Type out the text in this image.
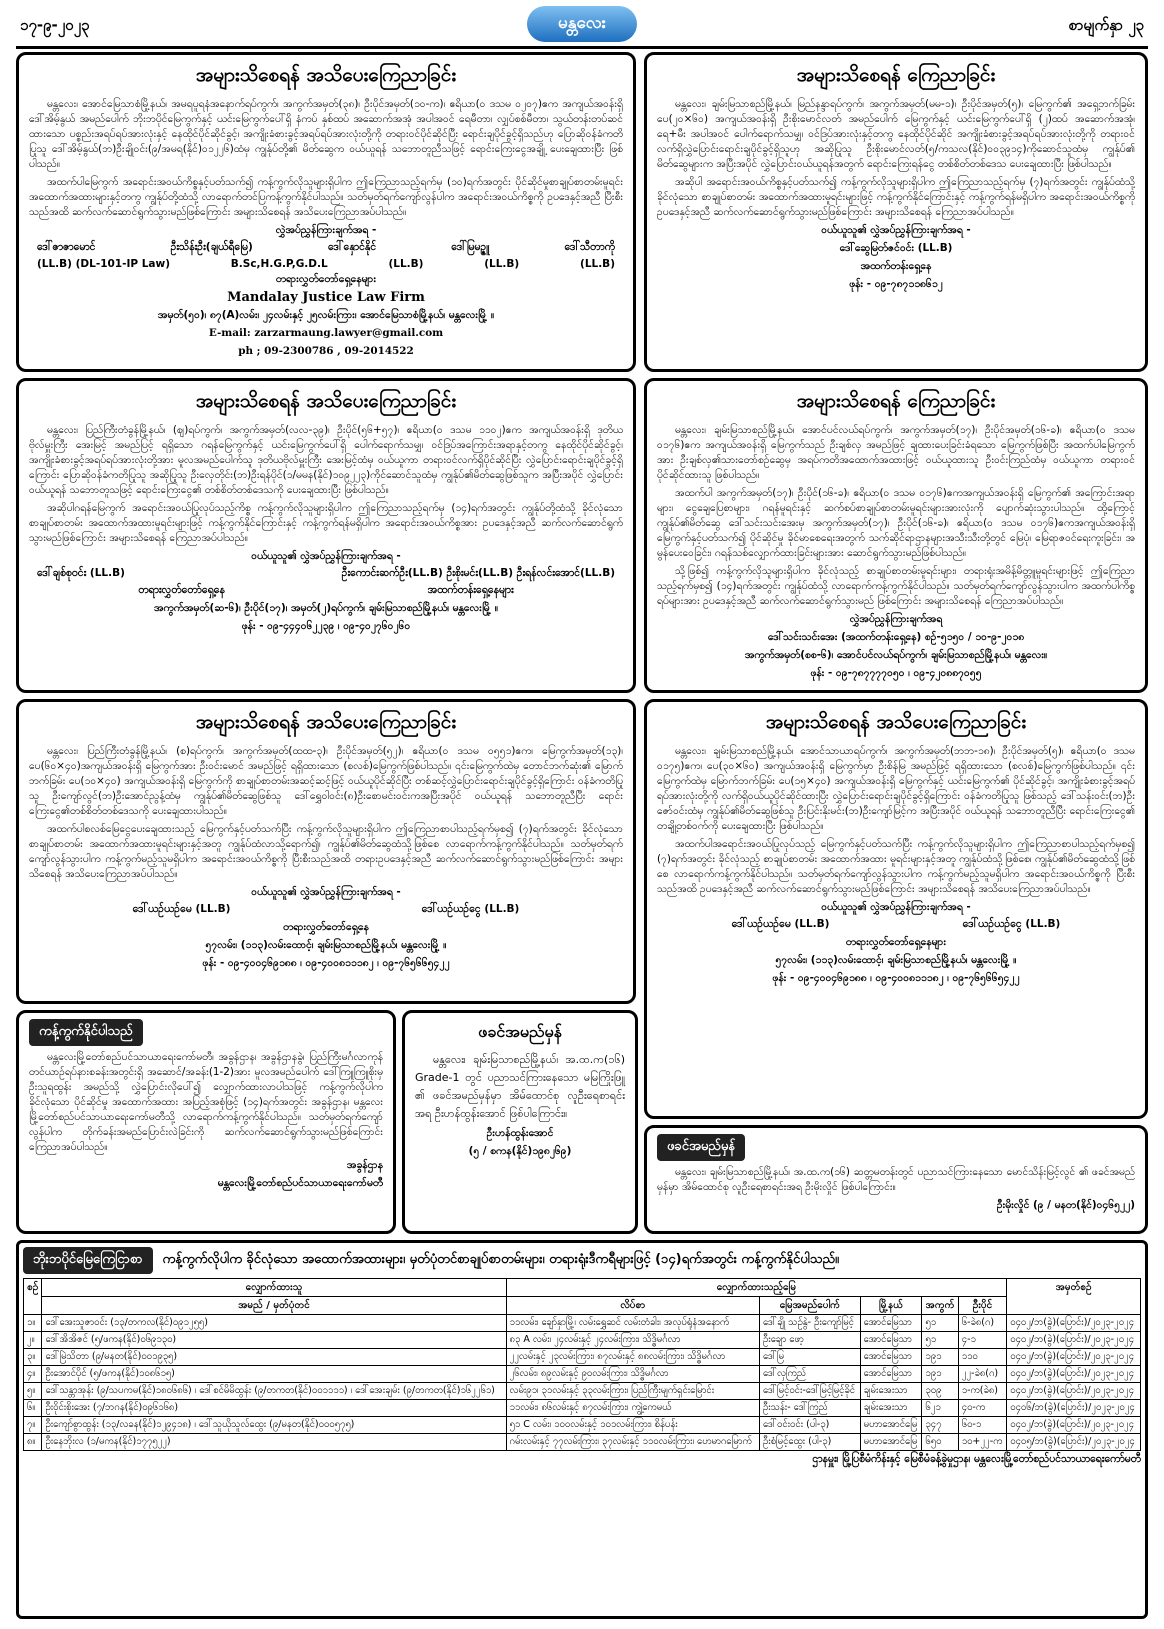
၁၇-၉-၂၀၂၃	မန္တလေး	စာမျက်နှာ ၂၃
အများသိစေရန် အသိပေးကြေညာခြင်း

မန္တလေး၊ အောင်မြေသာစံမြို့နယ်၊ အမရပူရနံအနောက်ရပ်ကွက်၊ အကွက်အမှတ်(၃၈)၊ ဦးပိုင်အမှတ်(၁၀-က)၊ ဧရိယာ(၀ ဒသမ ၀၂၀၇)ဧက အကျယ်အဝန်းရှိ ဒေါ်အိမ့်နွယ် အမည်ပေါက် ဘိုးဘပိုင်မြေကွက်နှင့် ယင်းမြေကွက်ပေါ်ရှိ နံကပ် နှစ်ထပ် အဆောက်အအုံ အပါအဝင် ရေမီတာ၊ လျှပ်စစ်မီတာ၊ သွယ်တန်းတပ်ဆင်ထားသော ပစ္စည်းအရပ်ရပ်အားလုံးနှင့် နေထိုင်ပိုင်ဆိုင်ခွင့်၊ အကျိုးခံစားခွင့်အရပ်ရပ်အားလုံးတို့ကို တရားဝင်ပိုင်ဆိုင်ပြီး ရောင်းချပိုင်ခွင့်ရှိသည်ဟု ပြောဆိုဝန်ခံကတိပြုသူ ဒေါ်အိမ့်နွယ်(ဘ)ဦးချိုဝင်း(၉/အမရ(နိုင်)၀၁၂၂၆)ထံမှ ကျွန်ုပ်တို့၏ မိတ်ဆွေက ဝယ်ယူရန် သဘောတူညီသဖြင့် ရောင်းကြေးငွေအချို့ ပေးချေထားပြီး ဖြစ်ပါသည်။

အထက်ပါမြေကွက် အရောင်းအဝယ်ကိစ္စနှင့်ပတ်သက်၍ ကန့်ကွက်လိုသူများရှိပါက ဤကြေညာသည့်ရက်မှ (၁၀)ရက်အတွင်း ပိုင်ဆိုင်မှုစာချုပ်စာတမ်းမူရင်း အထောက်အထားများနှင့်တကွ ကျွန်ုပ်တို့ထံသို့ လာရောက်တင်ပြကန့်ကွက်နိုင်ပါသည်။ သတ်မှတ်ရက်ကျော်လွန်ပါက အရောင်းအဝယ်ကိစ္စကို ဥပဒေနှင့်အညီ ပြီးစီးသည်အထိ ဆက်လက်ဆောင်ရွက်သွားမည်ဖြစ်ကြောင်း အများသိစေရန် အသိပေးကြေညာအပ်ပါသည်။

လွှဲအပ်ညွှန်ကြားချက်အရ -

ဒေါ်ဇာဇာမောင်	ဦးသိန်းဦး(ချယ်ရီမြေ)	ဒေါ်နှောင်နိုင်	ဒေါ်မြမဥ္ဇူ	ဒေါ်သီတာကို
(LL.B) (DL-101-IP Law)	B.Sc,H.G.P,G.D.L	(LL.B)	(LL.B)	(LL.B)

တရားလွှတ်တော်ရှေ့နေများ

Mandalay Justice Law Firm

အမှတ်(၅၀)၊ ၈၇(A)လမ်း၊ ၂၄လမ်းနှင့် ၂၅လမ်းကြား၊ အောင်မြေသာစံမြို့နယ်၊ မန္တလေးမြို့ ။

E-mail: zarzarmaung.lawyer@gmail.com

ph ; 09-2300786 , 09-2014522

အများသိစေရန် ကြေညာခြင်း

မန္တလေး၊ ချမ်းမြသာစည်မြို့နယ်၊ မြည်နန္ဒာရပ်ကွက်၊ အကွက်အမှတ်(မမ-၁)၊ ဦးပိုင်အမှတ်(၅)၊ မြေကွက်၏ အရှေ့ဘက်ခြမ်း ပေ(၂၀×၆၀) အကျယ်အဝန်းရှိ ဦးစိုးမောင်လတ် အမည်ပေါက် မြေကွက်နှင့် ယင်းမြေကွက်ပေါ်ရှိ (၂)ထပ် အဆောက်အအုံ၊ ရေ+မီး အပါအဝင် ပေါက်ရောက်သမျှ၊ ဝင်ဒြပ်အားလုံးနှင့်တကွ နေထိုင်ပိုင်ဆိုင် အကျိုးခံစားခွင့်အရပ်ရပ်အားလုံးတို့ကို တရားဝင် လက်ရှိလွှဲပြောင်းရောင်းချပိုင်ခွင့်ရှိသူဟု အဆိုပြုသူ ဦးစိုးမောင်လတ်(၅/ကသလ(နိုင်)၀၀၃၉၁၄)ကိုဆောင်သူထံမှ ကျွန်ုပ်၏ မိတ်ဆွေများက အပြီးအပိုင် လွှဲပြောင်းဝယ်ယူရန်အတွက် ရောင်းကြေးရန်ငွေ တစ်စိတ်တစ်ဒေသ ပေးချေထားပြီး ဖြစ်ပါသည်။

အဆိုပါ အရောင်းအဝယ်ကိစ္စနှင့်ပတ်သက်၍ ကန့်ကွက်လိုသူများရှိပါက ဤကြေညာသည့်ရက်မှ (၇)ရက်အတွင်း ကျွန်ုပ်ထံသို့ ခိုင်လုံသော စာချုပ်စာတမ်း အထောက်အထားမူရင်းများဖြင့် ကန့်ကွက်နိုင်ကြောင်းနှင့် ကန့်ကွက်ရန်မရှိပါက အရောင်းအဝယ်ကိစ္စကို ဥပဒေနှင့်အညီ ဆက်လက်ဆောင်ရွက်သွားမည်ဖြစ်ကြောင်း အများသိစေရန် ကြေညာအပ်ပါသည်။

ဝယ်ယူသူ၏ လွှဲအပ်ညွှန်ကြားချက်အရ -

ဒေါ်ဆွေမြတ်ဇင်ဝင်း (LL.B)

အထက်တန်းရှေ့နေ

ဖုန်း - ၀၉-၇၈၇၁၁၈၆၁၂

အများသိစေရန် အသိပေးကြေညာခြင်း

မန္တလေး၊ ပြည်ကြီးတံခွန်မြို့နယ်၊ (ဈ)ရပ်ကွက်၊ အကွက်အမှတ်(လလ-၃၉)၊ ဦးပိုင်(၅၆+၅၇)၊ ဧရိယာ(၀ ဒသမ ၁၁၀၂)ဧက အကျယ်အဝန်းရှိ ဒုတိယဗိုလ်မှူးကြီး အေးမြင့် အမည်ပြင့် ရရှိသော ဂရန်မြေကွက်နှင့် ယင်းမြေကွက်ပေါ်ရှိ ပေါက်ရောက်သမျှ၊ ဝင်ဒြပ်အကြောင်းအရာနှင့်တကွ နေထိုင်ပိုင်ဆိုင်ခွင့်၊ အကျိုးခံစားခွင့်အရပ်ရပ်အားလုံးတို့အား မူလအမည်ပေါက်သူ ဒုတိယဗိုလ်မှူးကြီး အေးမြင့်ထံမှ ဝယ်ယူကာ တရားဝင်လက်ရှိပိုင်ဆိုင်ပြီး လွှဲပြောင်းရောင်းချပိုင်ခွင့်ရှိကြောင်း ပြောဆိုဝန်ခံကတိပြုသူ အဆိုပြုသူ ဦးလှေတိုင်း(ဘ)ဦးရန်ပိုင်(၁/မမန(နိုင်)၁၀၉၂၂၃)ကိုင်ဆောင်သူထံမှ ကျွန်ုပ်၏မိတ်ဆွေဖြစ်သူက အပြီးအပိုင် လွှဲပြောင်းဝယ်ယူရန် သဘောတူသဖြင့် ရောင်းကြေးငွေ၏ တစ်စိတ်တစ်ဒေသကို ပေးချေထားပြီး ဖြစ်ပါသည်။

အဆိုပါဂရန်မြေကွက် အရောင်းအဝယ်ပြုလုပ်သည့်ကိစ္စ ကန့်ကွက်လိုသူများရှိပါက ဤကြေညာသည့်ရက်မှ (၁၄)ရက်အတွင်း ကျွန်ုပ်တို့ထံသို့ ခိုင်လုံသော စာချုပ်စာတမ်း အထောက်အထားမူရင်းများဖြင့် ကန့်ကွက်နိုင်ကြောင်းနှင့် ကန့်ကွက်ရန်မရှိပါက အရောင်းအဝယ်ကိစ္စအား ဥပဒေနှင့်အညီ ဆက်လက်ဆောင်ရွက်သွားမည်ဖြစ်ကြောင်း အများသိစေရန် ကြေညာအပ်ပါသည်။

ဝယ်ယူသူ၏ လွှဲအပ်ညွှန်ကြားချက်အရ -

ဒေါ်ချစ်စုဝင်း (LL.B)	ဦးကောင်းဆက်ဦး(LL.B) ဦးစိုးမင်း(LL.B) ဦးရန်လင်းအောင်(LL.B)
တရားလွှတ်တော်ရှေ့နေ	အထက်တန်းရှေ့နေများ

အကွက်အမှတ်(ဆ-၆)၊ ဦးပိုင်(၁၇)၊ အမှတ်(၂)ရပ်ကွက်၊ ချမ်းမြသာစည်မြို့နယ်၊ မန္တလေးမြို့ ။

ဖုန်း - ၀၉-၄၄၄၀၆၂၂၃၉ ၊ ၀၉-၄၀၂၇၆၀၂၆၀

အများသိစေရန် ကြေညာခြင်း

မန္တလေး၊ ချမ်းမြသာစည်မြို့နယ်၊ အောင်ပင်လယ်ရပ်ကွက်၊ အကွက်အမှတ်(၁၇)၊ ဦးပိုင်အမှတ်(၁၆-ခ)၊ ဧရိယာ(၀ ဒသမ ၀၁၇၆)ဧက အကျယ်အဝန်းရှိ မြေကွက်သည် ဦးချစ်လှ အမည်ဖြင့် ချထားပေးခြင်းခံရသော မြေကွက်ဖြစ်ပြီး အထက်ပါမြေကွက်အား ဦးချစ်လှ၏သားတော်စဥ်ဆွေမှ အရပ်ကတိအထောက်အထားဖြင့် ဝယ်ယူထားသူ ဦးဝင်းကြည်ထံမှ ဝယ်ယူကာ တရားဝင်ပိုင်ဆိုင်ထားသူ ဖြစ်ပါသည်။

အထက်ပါ အကွက်အမှတ်(၁၇)၊ ဦးပိုင်(၁၆-ခ)၊ ဧရိယာ(၀ ဒသမ ၀၁၇၆)ဧကအကျယ်အဝန်းရှိ မြေကွက်၏ အကြောင်းအရာများ၊ ငွေချေပြေစာများ၊ ဂရန်မူရင်းနှင့် ဆက်စပ်စာချုပ်စာတမ်းမူရင်းများအားလုံးကို ပျောက်ဆုံးသွားပါသည်။ ထို့ကြောင့် ကျွန်ုပ်၏မိတ်ဆွေ ဒေါ်သင်းသင်းအေးမှ အကွက်အမှတ်(၁၇)၊ ဦးပိုင်(၁၆-ခ)၊ ဧရိယာ(၀ ဒသမ ၀၁၇၆)ဧကအကျယ်အဝန်းရှိ မြေကွက်နှင့်ပတ်သက်၍ ပိုင်ဆိုင်မှု ခိုင်မာစေရေးအတွက် သက်ဆိုင်ရာဌာနများအသီးသီးတို့တွင် မြေပုံ၊ မြေရာဇဝင်ရေးကူးခြင်း၊ အမွန်ပေးဝေခြင်း၊ ဂရန်သစ်လျှောက်ထားခြင်းများအား ဆောင်ရွက်သွားမည်ဖြစ်ပါသည်။

သို့ဖြစ်၍ ကန့်ကွက်လိုသူများရှိပါက ခိုင်လုံသည့် စာချုပ်စာတမ်းမူရင်းများ၊ တရားရုံးအမိန့်မိတ္တူမူရင်းများဖြင့် ဤကြေညာသည့်ရက်မှစ၍ (၁၄)ရက်အတွင်း ကျွန်ုပ်ထံသို့ လာရောက်ကန့်ကွက်နိုင်ပါသည်။ သတ်မှတ်ရက်ကျော်လွန်သွားပါက အထက်ပါကိစ္စရပ်များအား ဥပဒေနှင့်အညီ ဆက်လက်ဆောင်ရွက်သွားမည် ဖြစ်ကြောင်း အများသိစေရန် ကြေညာအပ်ပါသည်။

လွှဲအပ်ညွှန်ကြားချက်အရ

ဒေါ်သင်းသင်းအေး (အထက်တန်းရှေ့နေ) စဥ်-၅၁၅၀ / ၁၀-၉-၂၀၁၈

အကွက်အမှတ်(စစ-၆)၊ အောင်ပင်လယ်ရပ်ကွက်၊ ချမ်းမြသာစည်မြို့နယ်၊ မန္တလေး။

ဖုန်း - ၀၉-၇၈၇၇၇၇၀၅၀ ၊ ၀၉-၄၂၀၈၈၇၀၅၅

အများသိစေရန် အသိပေးကြေညာခြင်း

မန္တလေး၊ ပြည်ကြီးတံခွန်မြို့နယ်၊ (စ)ရပ်ကွက်၊ အကွက်အမှတ်(ထထ-၃)၊ ဦးပိုင်အမှတ်(၅၂)၊ ဧရိယာ(၀ ဒသမ ၀၅၅၁)ဧက၊ မြေကွက်အမှတ်(၁၃)၊ ပေ(၆၀×၄၀)အကျယ်အဝန်းရှိ မြေကွက်အား ဦးဝင်းမောင် အမည်ဖြင့် ရရှိထားသော (စလစ်)မြေကွက်ဖြစ်ပါသည်။ ၎င်းမြေကွက်ထဲမှ တောင်ဘက်ဆုံး၏ မြောက်ဘက်ခြမ်း ပေ(၁၀×၄၀) အကျယ်အဝန်းရှိ မြေကွက်ကို စာချုပ်စာတမ်းအဆင့်ဆင့်ဖြင့် ဝယ်ယူပိုင်ဆိုင်ပြီး တစ်ဆင့်လွှဲပြောင်းရောင်းချပိုင်ခွင့်ရှိကြောင်း ဝန်ခံကတိပြုသူ ဦးကျော်လွင်(ဘ)ဦးအောင်ညွန့်ထံမှ ကျွန်ုပ်၏မိတ်ဆွေဖြစ်သူ ဒေါ်ရွှေဝါဝင်း(၈)ဦးစောမင်းဝင်းကအပြီးအပိုင် ဝယ်ယူရန် သဘောတူညီပြီး ရောင်းကြေးငွေ၏တစ်စိတ်တစ်ဒေသကို ပေးချေထားပါသည်။

အထက်ပါစလစ်မြေငွေပေးချေထားသည့် မြေကွက်နှင့်ပတ်သက်ပြီး ကန့်ကွက်လိုသူများရှိပါက ဤကြေညာစာပါသည့်ရက်မှစ၍ (၇)ရက်အတွင်း ခိုင်လုံသော စာချုပ်စာတမ်း အထောက်အထားမူရင်းများနှင့်အတူ ကျွန်ုပ်ထံလာသို့ရောက်၍၊ ကျွန်ုပ်၏မိတ်ဆွေထံသို့ဖြစ်စေ လာရောက်ကန့်ကွက်နိုင်ပါသည်။ သတ်မှတ်ရက်ကျော်လွန်သွားပါက ကန့်ကွက်မည့်သူမရှိပါက အရောင်းအဝယ်ကိစ္စကို ပြီးစီးသည်အထိ တရားဥပဒေနှင့်အညီ ဆက်လက်ဆောင်ရွက်သွားမည်ဖြစ်ကြောင်း အများသိစေရန် အသိပေးကြေညာအပ်ပါသည်။

ဝယ်ယူသူ၏ လွှဲအပ်ညွှန်ကြားချက်အရ -

ဒေါ်ယဥ်ယဥ်မေ (LL.B)	ဒေါ်ယဥ်ယဥ်ငွေ (LL.B)

တရားလွှတ်တော်ရှေ့နေ

၅၇လမ်း၊ (၁၁၃)လမ်းထောင့်၊ ချမ်းမြသာစည်မြို့နယ်၊ မန္တလေးမြို့ ။

ဖုန်း - ၀၉-၄၀၀၄၆၉၁၈၈ ၊ ၀၉-၄၀၀၈၁၁၁၈၂ ၊ ၀၉-၇၆၅၆၆၅၄၂၂

အများသိစေရန် အသိပေးကြေညာခြင်း

မန္တလေး၊ ချမ်းမြသာစည်မြို့နယ်၊ အောင်သာယာရပ်ကွက်၊ အကွက်အမှတ်(ဘဘ-၁၈)၊ ဦးပိုင်အမှတ်(၅)၊ ဧရိယာ(၀ ဒသမ ၀၁၇၅)ဧက၊ ပေ(၃၀×၆၀) အကျယ်အဝန်းရှိ မြေကွက်မှာ ဦးစိန်မြ အမည်ဖြင့် ရရှိထားသော (စလစ်)မြေကွက်ဖြစ်ပါသည်။ ၎င်းမြေကွက်ထဲမှ မြောက်ဘက်ခြမ်း ပေ(၁၅×၄၀) အကျယ်အဝန်းရှိ မြေကွက်နှင့် ယင်းမြေကွက်၏ ပိုင်ဆိုင်ခွင့်၊ အကျိုးခံစားခွင့်အရပ်ရပ်အားလုံးတို့ကို လက်ရှိဝယ်ယူပိုင်ဆိုင်ထားပြီး လွှဲပြောင်းရောင်းချပိုင်ခွင့်ရှိကြောင်း ဝန်ခံကတိပြုသူ ဖြစ်သည့် ဒေါ်သန်းဝင်း(ဘ)ဦးဇော်ဝင်းထံမှ ကျွန်ုပ်၏မိတ်ဆွေဖြစ်သူ ဦးပြင်းနိုးမင်း(ဘ)ဦးကျော်မြင့်က အပြီးအပိုင် ဝယ်ယူရန် သဘောတူညီပြီး ရောင်းကြေးငွေ၏ တချို့တစ်ဝက်ကို ပေးချေထားပြီး ဖြစ်ပါသည်။

အထက်ပါအရောင်းအဝယ်ပြုလုပ်သည့် မြေကွက်နှင့်ပတ်သက်ပြီး ကန့်ကွက်လိုသူများရှိပါက ဤကြေညာစာပါသည့်ရက်မှစ၍ (၇)ရက်အတွင်း ခိုင်လုံသည့် စာချုပ်စာတမ်း အထောက်အထား မူရင်းများနှင့်အတူ ကျွန်ုပ်ထံသို့ဖြစ်စေ၊ ကျွန်ုပ်၏မိတ်ဆွေထံသို့ဖြစ်စေ လာရောက်ကန့်ကွက်နိုင်ပါသည်။ သတ်မှတ်ရက်ကျော်လွန်သွားပါက ကန့်ကွက်မည့်သူမရှိပါက အရောင်းအဝယ်ကိစ္စကို ပြီးစီးသည်အထိ ဥပဒေနှင့်အညီ ဆက်လက်ဆောင်ရွက်သွားမည်ဖြစ်ကြောင်း အများသိစေရန် အသိပေးကြေညာအပ်ပါသည်။

ဝယ်ယူသူ၏ လွှဲအပ်ညွှန်ကြားချက်အရ -

ဒေါ်ယဥ်ယဥ်မေ (LL.B)	ဒေါ်ယဥ်ယဥ်ငွေ (LL.B)

တရားလွှတ်တော်ရှေ့နေများ

၅၇လမ်း၊ (၁၁၃)လမ်းထောင့်၊ ချမ်းမြသာစည်မြို့နယ်၊ မန္တလေးမြို့ ။

ဖုန်း - ၀၉-၄၀၀၄၆၉၁၈၈ ၊ ၀၉-၄၀၀၈၁၁၁၈၂ ၊ ၀၉-၇၆၅၆၆၅၄၂၂

ကန့်ကွက်နိုင်ပါသည်

မန္တလေးမြို့တော်စည်ပင်သာယာရေးကော်မတီ၊ အခွန်ဌာန၊ အခွန်ဌာနခွဲ၊ ပြည်ကြီးမင်္ဂလာကုန်တင်ယာဉ်ရပ်နားစခန်းအတွင်းရှိ အဆောင်/အခန်း(1-2)အား မူလအမည်ပေါက် ဒေါ်ကြူကြူစိုးမှ ဦးသူရထွန်း အမည်သို့ လွှဲပြောင်းလိုပေါ်၍ လျှောက်ထားလာပါသဖြင့် ကန့်ကွက်လိုပါက ခိုင်လုံသော ပိုင်ဆိုင်မှု အထောက်အထား အပြည့်အစုံဖြင့် (၁၄)ရက်အတွင်း အခွန်ဌာန၊ မန္တလေးမြို့တော်စည်ပင်သာယာရေးကော်မတီသို့ လာရောက်ကန့်ကွက်နိုင်ပါသည်။ သတ်မှတ်ရက်ကျော်လွန်ပါက တိုက်ခန်းအမည်ပြောင်းလဲခြင်းကို ဆက်လက်ဆောင်ရွက်သွားမည်ဖြစ်ကြောင်း ကြေညာအပ်ပါသည်။

အခွန်ဌာန

မန္တလေးမြို့တော်စည်ပင်သာယာရေးကော်မတီ

ဖခင်အမည်မှန်

မန္တလေး၊ ချမ်းမြသာစည်မြို့နယ်၊ အ.ထ.က(၁၆) Grade-1 တွင် ပညာသင်ကြားနေသော မမြကြိုးဖြူ ၏ ဖခင်အမည်မှန်မှာ အိမ်ထောင်စု လူဦးရေစာရင်းအရ ဦးဟန်ထွန်းအောင် ဖြစ်ပါကြောင်း။

ဦးဟန်ထွန်းအောင်

(၅ / စကန(နိုင်)၁၉၈၂၆၉)	ဖခင်အမည်မှန်

မန္တလေး၊ ချမ်းမြသာစည်မြို့နယ်၊ အ.ထ.က(၁၆) ဆတ္တမတန်းတွင် ပညာသင်ကြားနေသော မောင်သိန်းမြင့်လွင် ၏ ဖခင်အမည်မှန်မှာ အိမ်ထောင်စု လူဦးရေစာရင်းအရ ဦးမိုးလှိုင် ဖြစ်ပါကြောင်း။

ဦးမိုးလှိုင် (၉ / မနတ(နိုင်)၀၄၆၅၂၂)

ဘိုးဘပိုင်မြေကြေငြာစာ	ကန့်ကွက်လိုပါက ခိုင်လုံသော အထောက်အထားများ၊ မှတ်ပုံတင်စာချုပ်စာတမ်းများ၊ တရားရုံးဒီကရီများဖြင့် (၁၄)ရက်အတွင်း ကန့်ကွက်နိုင်ပါသည်။
စဥ်	လျှောက်ထားသူ	လျှောက်ထားသည့်မြေ					အမှတ်စဥ်
	အမည် / မှတ်ပုံတင်	လိပ်စာ	မြေအမည်ပေါက်	မြို့နယ်	အကွက်	ဦးပိုင်	
၁။	ဒေါ်အေးသူဇာဝင်း (၁၃/တကလ(နိုင်)၀၉၁၂၅၅)	၁၁လမ်း၊ ချော်နှာမြို့၊ လမ်းရွှေဆင် လမ်းတံခါး၊ အလုပ်ရုံနံအနောက်	ဒေါ်ချို သဉ်နွဲ- ဦးကျော်မြင့်	အောင်မြေသာ	၅၁	၆-ခဲ၈(ဂ)	၀၄၀၂/ဘ(ခွဲ)(ပြောင်း)/၂၀၂၃-၂၀၂၄
၂။	ဒေါ်အိအိဇင် (၅/ဖကန(နိုင်)၀၆၉၁၃၀)	၈၃ A လမ်း၊ ၂၄လမ်းနှင့် ၂၄လမ်းကြား၊ သိဒ္ဓိမင်္ဂလာ	ဦးချော ဖော့	အောင်မြေသာ	၅၁	၄-၁	၀၄၀၂/ဘ(ခွဲ)(ပြောင်း)/၂၀၂၃-၂၀၂၄
၃။	ဒေါ်မြဲသိတာ (၉/မနတ(နိုင်)၀၀၁၉၃၅)	၂၂လမ်းနှင့် ၂၃လမ်းကြား၊ ၈၇လမ်းနှင့် ၈၈လမ်းကြား၊ သိဒ္ဓိမင်္ဂလာ	ဒေါ်မြ	အောင်မြေသာ	၁၉၁	၁၁၀	၀၄၀၂/ဘ(ခွဲ)(ပြောင်း)/၂၀၂၃-၂၀၂၄
၄။	ဦးအောင်ပိုင် (၅/ဖကန(နိုင်)၁၀၈၆၁၅)	၂၆လမ်း၊ ၈၉လမ်းနှင့် ၉၀လမ်းကြား၊ သိဒ္ဓိမင်္ဂလာ	ဒေါ်လှကြည်	အောင်မြေသာ	၁၉၁	၂၂-ခဲ၈(ဂ)	၀၄၀၂/ဘ(ခွဲ)(ပြောင်း)/၂၀၂၃-၂၀၂၄
၅။	ဒေါ်သန္တာအုန်း (၉/သပကမ(နိုင်)၁၈၀၆၈၆) ၊ ဒေါ်စင်မိမိထွန်း (၉/တကတ(နိုင်)၀၀၁၁၁၁) ၊ ဒေါ်အေးချမ်း (၉/တကတ(နိုင်)၁၆၂၂၆၁)	လမ်း၉၁၊ ၃၁လမ်းနှင့် ၃၃လမ်းကြား၊ ပြည်ကြီးမျက်ရှင်းမြောင်း	ဒေါ်မြင့်ဝင်း-ဒေါ်မြင့်မြင့်ခိုင်	ချမ်းအေးသာ	၃၀၉	၁-က(ခဲ၈)	၀၄၀၂/ဘ(ခွဲ)(ပြောင်း)/၂၀၂၃-၂၀၂၄
၆။	ဦးဝိုင်းစိုးအေး (၇/ဘဂန(နိုင်)၀၉၆၁၆၈)	၁၁လမ်း၊ ၈၆လမ်းနှင့် ၈၇လမ်းကြား၊ ကျွဲ့ကေမယ်	ဦးသန်း- ဒေါ်ကြည်	ချမ်းအေးသာ	၆၂၁	၄၀-က	၀၄၀၆/ဘ(ခွဲ)(ပြောင်း)/၂၀၂၃-၂၀၂၄
၇။	ဦးကျော်စွာထွန်း (၁၃/လခန(နိုင်)၁၂၉၄၁၈) ၊ ဒေါ်သူယိုသူလ်ထွေး (၉/မနတ(နိုင်)၀၀၀၅၇၅)	၅၁ C လမ်း၊ ၁၀၀လမ်းနှင့် ၁၀၁လမ်းကြား၊ စိန်ပန်း	ဒေါ်ဝင်းဝင်း (ပါ-၃)	မဟာအောင်မြေ	၃၄၇	၆၀-၁	၀၄၀၂/ဘ(ခွဲ)(ပြောင်း)/၂၀၂၃-၂၀၂၄
၈။	ဦးနေဘိုးလ (၁/မကန(နိုင်)၁၇၇၅၂၂)	ဂမ်းလမ်းနှင့် ၇၇လမ်းကြား၊ ၃၇လမ်းနှင့် ၁၁၀လမ်းကြား၊ ဟေမာဂမြောက်	ဦးစံမြင့်ထွေး (ပါ-၃)	မဟာအောင်မြေ	၆၅၀	၁၀+၂၂-က	၀၄၀၅/ဘ(ခွဲ)(ပြောင်း)/၂၀၂၃-၂၀၂၄
ဌာနမှူး၊ မြို့ပြစီမံကိန်းနှင့် မြေစီမံခန့်ခွဲမှုဌာန၊ မန္တလေးမြို့တော်စည်ပင်သာယာရေးကော်မတီ
